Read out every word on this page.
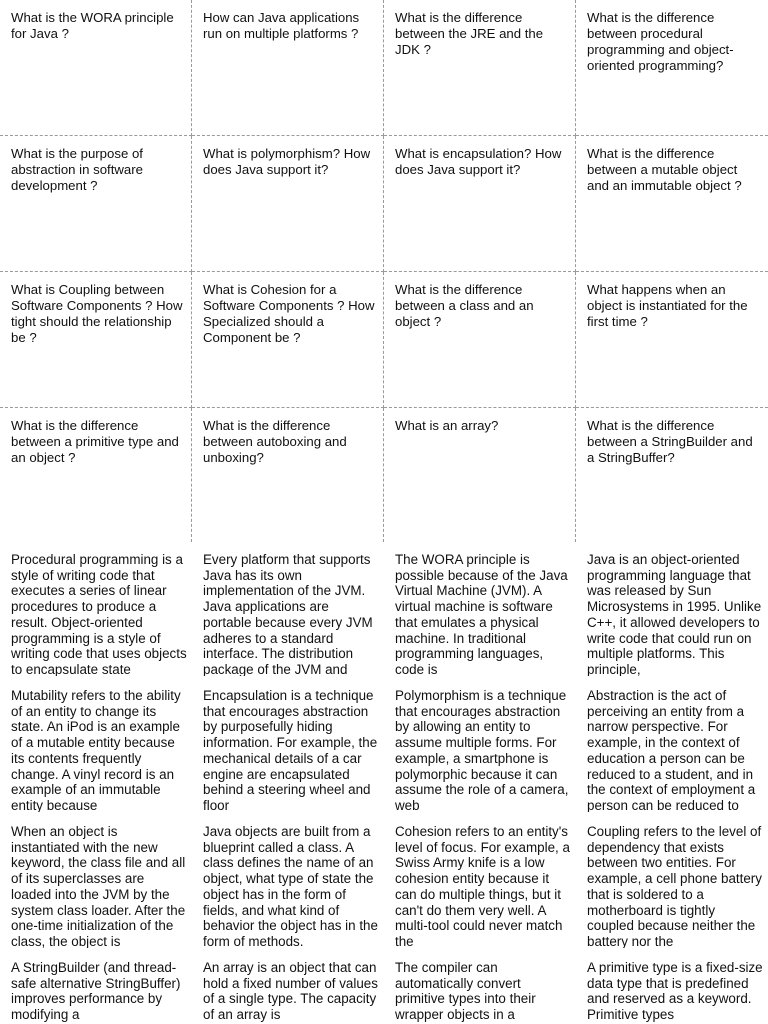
What is the WORA principle for Java ?
How can Java applications run on multiple platforms ?
What is the difference between the JRE and the JDK ?
What is the difference between procedural programming and object-oriented programming?
What is the purpose of abstraction in software development ?
What is polymorphism? How does Java support it?
What is encapsulation? How does Java support it?
What is the difference between a mutable object and an immutable object ?
What is Coupling between Software Components ? How tight should the relationship be ?
What is Cohesion for a Software Components ? How Specialized should a Component be ?
What is the difference between a class and an object ?
What happens when an object is instantiated for the first time ?
What is the difference between a primitive type and an object ?
What is the difference between autoboxing and unboxing?
What is an array?	What is the difference between a StringBuilder and a StringBuffer?
Procedural programming is a style of writing code that executes a series of linear procedures to produce a result. Object-oriented programming is a style of writing code that uses objects to encapsulate state
Every platform that supports Java has its own implementation of the JVM. Java applications are portable because every JVM adheres to a standard interface. The distribution package of the JVM and
The WORA principle is possible because of the Java Virtual Machine (JVM). A virtual machine is software that emulates a physical machine. In traditional programming languages, code is
Java is an object-oriented programming language that was released by Sun Microsystems in 1995. Unlike C++, it allowed developers to write code that could run on multiple platforms. This principle,
Mutability refers to the ability of an entity to change its state. An iPod is an example of a mutable entity because its contents frequently change. A vinyl record is an example of an immutable entity because
Encapsulation is a technique that encourages abstraction by purposefully hiding information. For example, the mechanical details of a car engine are encapsulated behind a steering wheel and floor
Polymorphism is a technique that encourages abstraction by allowing an entity to assume multiple forms. For example, a smartphone is polymorphic because it can assume the role of a camera, web
Abstraction is the act of perceiving an entity from a narrow perspective. For example, in the context of education a person can be reduced to a student, and in the context of employment a person can be reduced to
When an object is instantiated with the new keyword, the class file and all of its superclasses are loaded into the JVM by the system class loader. After the one-time initialization of the class, the object is
Java objects are built from a blueprint called a class. A class defines the name of an object, what type of state the object has in the form of fields, and what kind of behavior the object has in the form of methods.
Cohesion refers to an entity's level of focus. For example, a Swiss Army knife is a low cohesion entity because it can do multiple things, but it can't do them very well. A multi-tool could never match the
Coupling refers to the level of dependency that exists between two entities. For example, a cell phone battery that is soldered to a motherboard is tightly coupled because neither the battery nor the
A StringBuilder (and thread-safe alternative StringBuffer) improves performance by modifying a
An array is an object that can hold a fixed number of values of a single type. The capacity of an array is
The compiler can automatically convert primitive types into their wrapper objects in a
A primitive type is a fixed-size data type that is predefined and reserved as a keyword. Primitive types
